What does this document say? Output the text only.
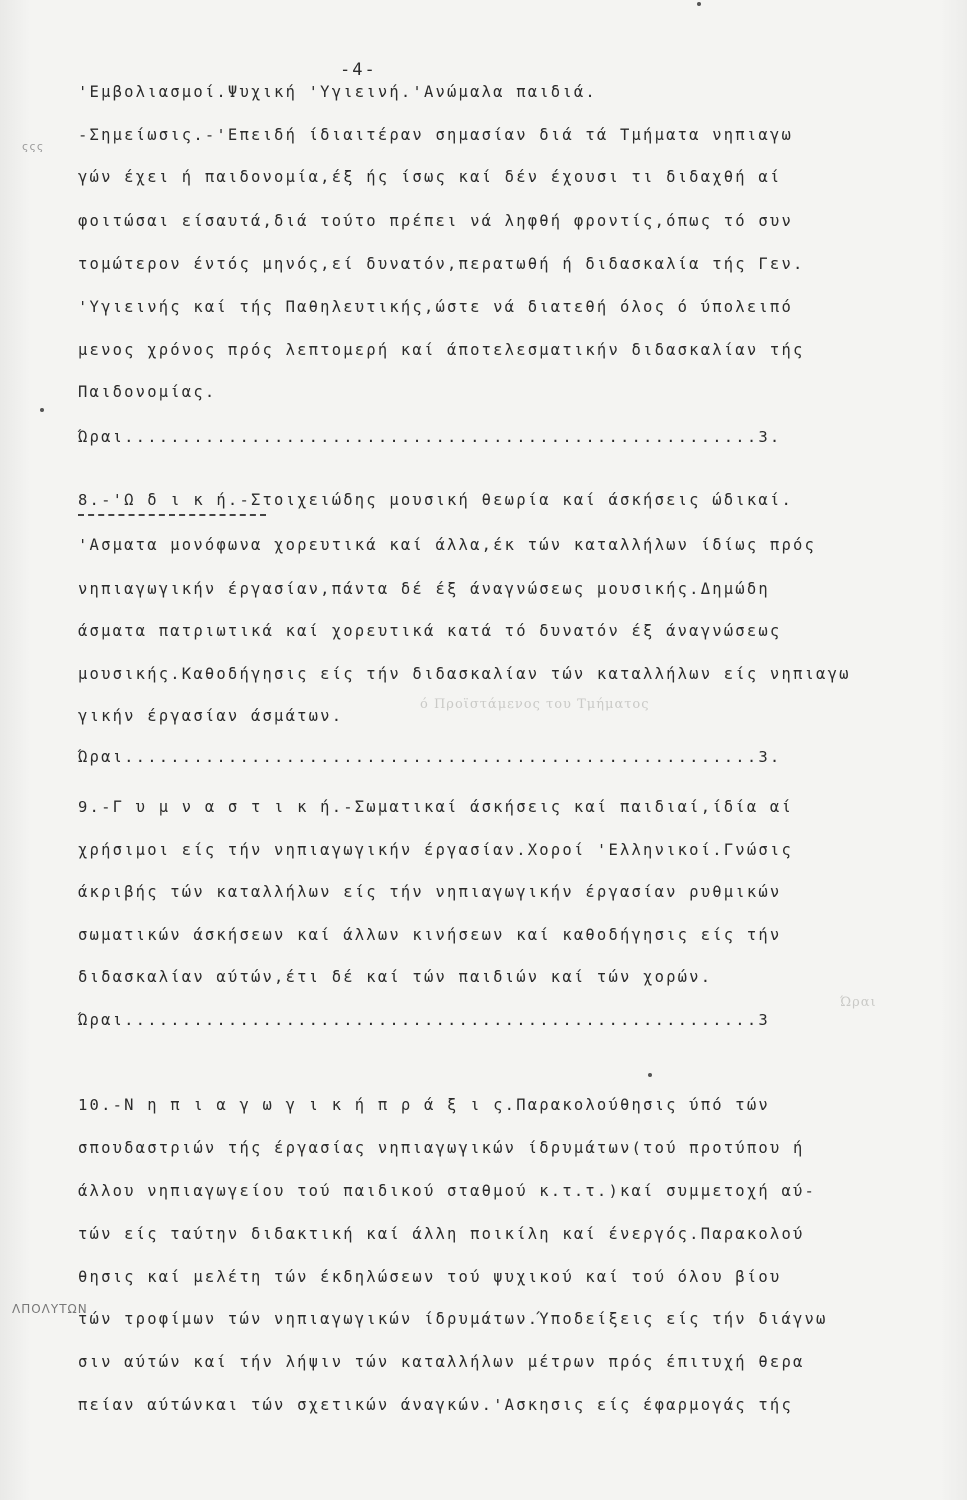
-4-
ςςς
ΛΠΟΛΥΤΩΝ
ό Προϊστάμενος του Τμήματος
Ώραι
'Εμβολιασμοί.Ψυχική 'Υγιεινή.'Ανώμαλα παιδιά.
-Σημείωσις.-'Επειδή ίδιαιτέραν σημασίαν διά τά Τμήματα νηπιαγω
γών έχει ή παιδονομία,έξ ής ίσως καί δέν έχουσι τι διδαχθή αί
φοιτώσαι είσαυτά,διά τούτο πρέπει νά ληφθή φροντίς,όπως τό συν
τομώτερον έντός μηνός,εί δυνατόν,περατωθή ή διδασκαλία τής Γεν.
'Υγιεινής καί τής Παθηλευτικής,ώστε νά διατεθή όλος ό ύπολειπό
μενος χρόνος πρός λεπτομερή καί άποτελεσματικήν διδασκαλίαν τής
Παιδονομίας.
Ώραι.......................................................3.
8.-'Ω δ ι κ ή.-Στοιχειώδης μουσική θεωρία καί άσκήσεις ώδικαί.
'Ασματα μονόφωνα χορευτικά καί άλλα,έκ τών καταλλήλων ίδίως πρός
νηπιαγωγικήν έργασίαν,πάντα δέ έξ άναγνώσεως μουσικής.Δημώδη
άσματα πατριωτικά καί χορευτικά κατά τό δυνατόν έξ άναγνώσεως
μουσικής.Καθοδήγησις είς τήν διδασκαλίαν τών καταλλήλων είς νηπιαγω
γικήν έργασίαν άσμάτων.
Ώραι.......................................................3.
9.-Γ υ μ ν α σ τ ι κ ή.-Σωματικαί άσκήσεις καί παιδιαί,ίδία αί
χρήσιμοι είς τήν νηπιαγωγικήν έργασίαν.Χοροί 'Ελληνικοί.Γνώσις
άκριβής τών καταλλήλων είς τήν νηπιαγωγικήν έργασίαν ρυθμικών
σωματικών άσκήσεων καί άλλων κινήσεων καί καθοδήγησις είς τήν
διδασκαλίαν αύτών,έτι δέ καί τών παιδιών καί τών χορών.
Ώραι.......................................................3
10.-Ν η π ι α γ ω γ ι κ ή π ρ ά ξ ι ς.Παρακολούθησις ύπό τών
σπουδαστριών τής έργασίας νηπιαγωγικών ίδρυμάτων(τού προτύπου ή
άλλου νηπιαγωγείου τού παιδικού σταθμού κ.τ.τ.)καί συμμετοχή αύ-
τών είς ταύτην διδακτική καί άλλη ποικίλη καί ένεργός.Παρακολού
θησις καί μελέτη τών έκδηλώσεων τού ψυχικού καί τού όλου βίου
τών τροφίμων τών νηπιαγωγικών ίδρυμάτων.Ύποδείξεις είς τήν διάγνω
σιν αύτών καί τήν λήψιν τών καταλλήλων μέτρων πρός έπιτυχή θερα
πείαν αύτώνκαι τών σχετικών άναγκών.'Ασκησις είς έφαρμογάς τής
